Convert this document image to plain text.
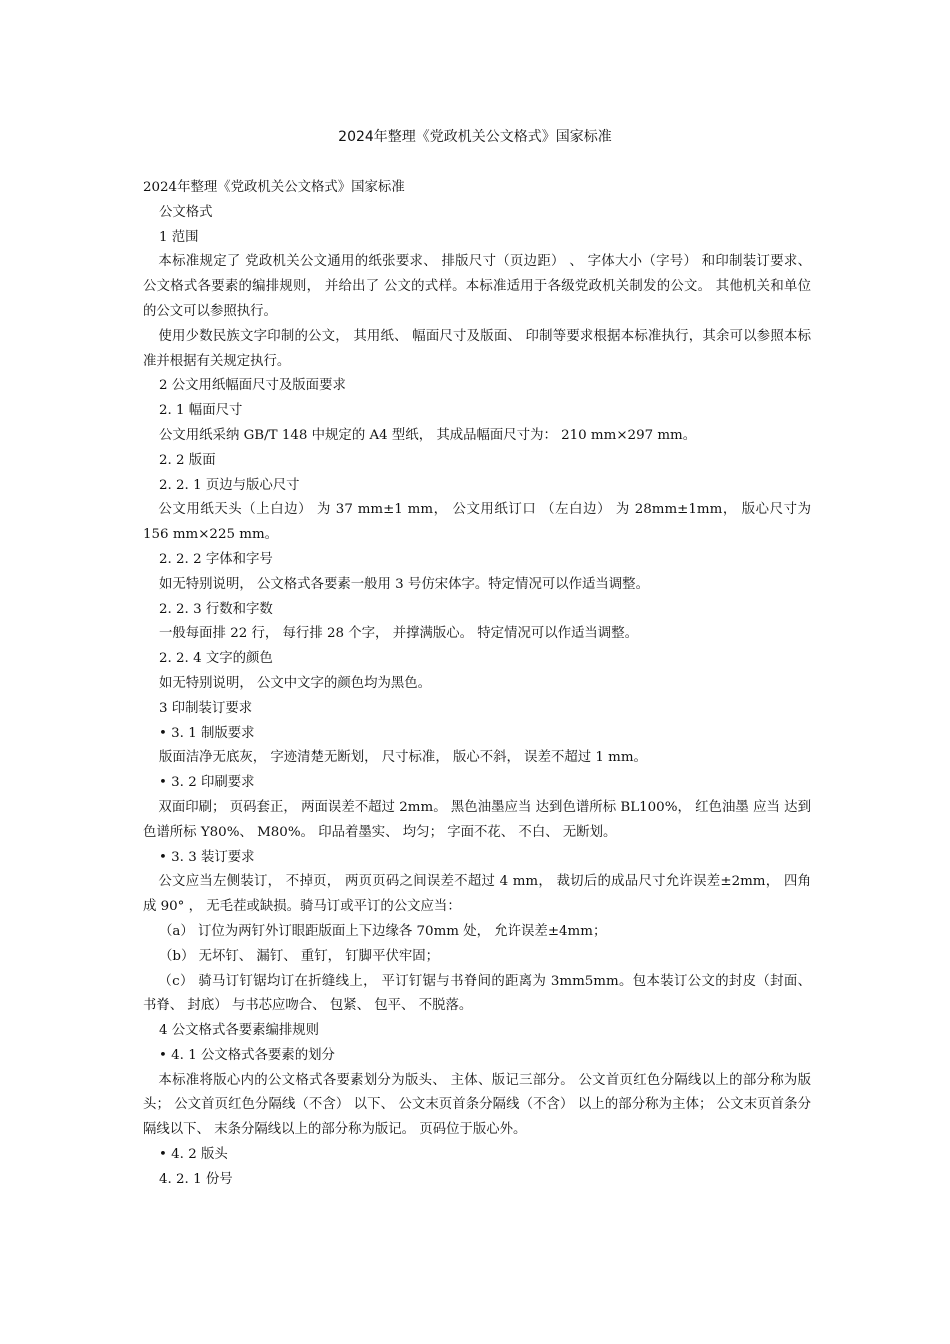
2024年整理《党政机关公文格式》国家标准

2024年整理《党政机关公文格式》国家标准

公文格式

1 范围

本标准规定了 党政机关公文通用的纸张要求、 排版尺寸（页边距） 、 字体大小（字号） 和印制装订要求、 公文格式各要素的编排规则， 并给出了 公文的式样。本标准适用于各级党政机关制发的公文。 其他机关和单位的公文可以参照执行。

使用少数民族文字印制的公文， 其用纸、 幅面尺寸及版面、 印制等要求根据本标准执行，其余可以参照本标准并根据有关规定执行。

2 公文用纸幅面尺寸及版面要求

2. 1 幅面尺寸

公文用纸采纳 GB/T 148 中规定的 A4 型纸， 其成品幅面尺寸为： 210 mm×297 mm。

2. 2 版面

2. 2. 1 页边与版心尺寸

公文用纸天头（上白边） 为 37 mm±1 mm， 公文用纸订口 （左白边） 为 28mm±1mm， 版心尺寸为 156 mm×225 mm。

2. 2. 2 字体和字号

如无特别说明， 公文格式各要素一般用 3 号仿宋体字。特定情况可以作适当调整。

2. 2. 3 行数和字数

一般每面排 22 行， 每行排 28 个字， 并撑满版心。 特定情况可以作适当调整。

2. 2. 4 文字的颜色

如无特别说明， 公文中文字的颜色均为黑色。

3 印制装订要求

• 3. 1 制版要求

版面洁净无底灰， 字迹清楚无断划， 尺寸标准， 版心不斜， 误差不超过 1 mm。

• 3. 2 印刷要求

双面印刷； 页码套正， 两面误差不超过 2mm。 黑色油墨应当 达到色谱所标 BL100%， 红色油墨 应当 达到色谱所标 Y80%、 M80%。 印品着墨实、 均匀； 字面不花、 不白、 无断划。

• 3. 3 装订要求

公文应当左侧装订， 不掉页， 两页页码之间误差不超过 4 mm， 裁切后的成品尺寸允许误差±2mm， 四角成 90° ， 无毛茬或缺损。骑马订或平订的公文应当：

（a） 订位为两钉外订眼距版面上下边缘各 70mm 处， 允许误差±4mm；

（b） 无坏钉、 漏钉、 重钉， 钉脚平伏牢固；

（c） 骑马订钉锯均订在折缝线上， 平订钉锯与书脊间的距离为 3mm5mm。包本装订公文的封皮（封面、 书脊、 封底） 与书芯应吻合、 包紧、 包平、 不脱落。

4 公文格式各要素编排规则

• 4. 1 公文格式各要素的划分

本标准将版心内的公文格式各要素划分为版头、 主体、版记三部分。 公文首页红色分隔线以上的部分称为版头； 公文首页红色分隔线（不含） 以下、 公文末页首条分隔线（不含） 以上的部分称为主体； 公文末页首条分隔线以下、 末条分隔线以上的部分称为版记。 页码位于版心外。

• 4. 2 版头

4. 2. 1 份号
